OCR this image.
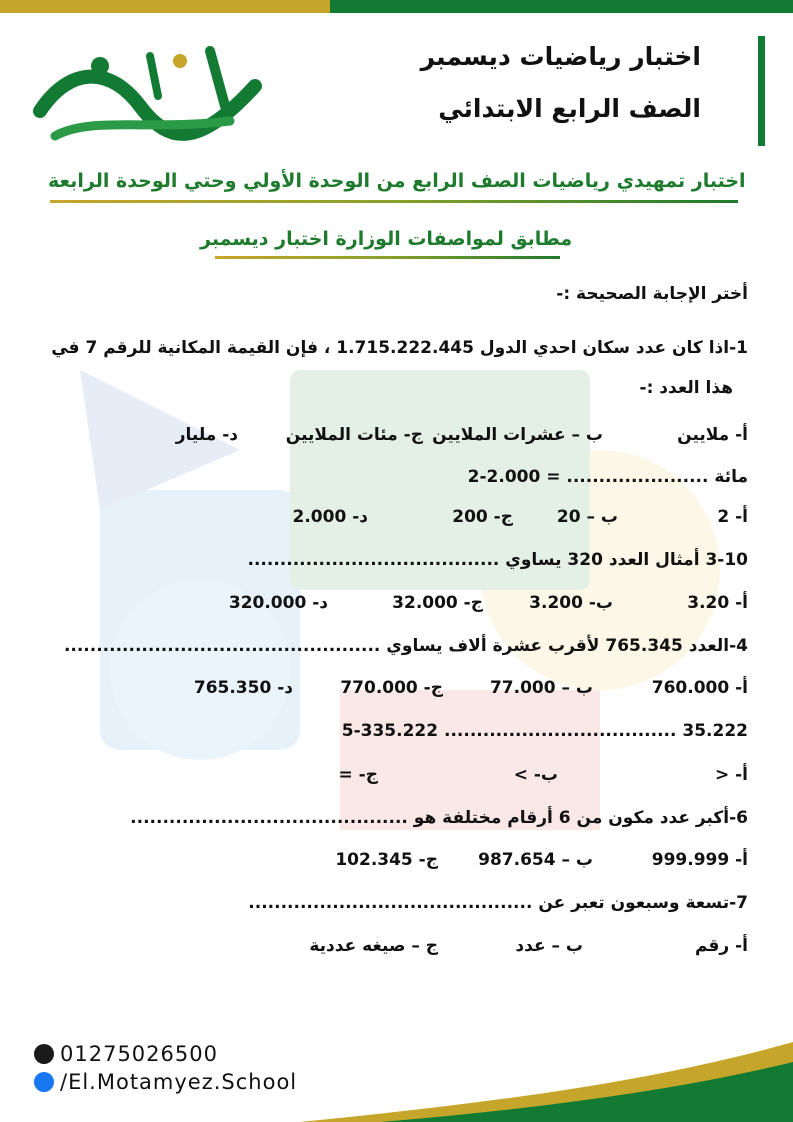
اختبار رياضيات ديسمبر
الصف الرابع الابتدائي
اختبار تمهيدي رياضيات الصف الرابع من الوحدة الأولي وحتي الوحدة الرابعة
مطابق لمواصفات الوزارة اختبار ديسمبر
أختر الإجابة الصحيحة :-
1-اذا كان عدد سكان احدي الدول 1.715.222.445 ، فإن القيمة المكانية للرقم 7 في
هذا العدد :-
أ- ملايين
ب – عشرات الملايين
ج- مئات الملايين
د- مليار
2-2.000 = ...................... مائة
أ- 2
ب – 20
ج- 200
د- 2.000
3-10 أمثال العدد 320 يساوي .......................................
أ- 3.20
ب- 3.200
ج- 32.000
د- 320.000
4-العدد 765.345 لأقرب عشرة ألاف يساوي .................................................
أ- 760.000
ب – 77.000
ج- 770.000
د- 765.350
5-335.222 .................................... 35.222
أ- <
ب- >
ج- =
6-أكبر عدد مكون من 6 أرقام مختلفة هو ...........................................
أ- 999.999
ب – 987.654
ج- 102.345
7-تسعة وسبعون تعبر عن ............................................
أ- رقم
ب – عدد
ج – صيغه عددية
01275026500
/El.Motamyez.School
